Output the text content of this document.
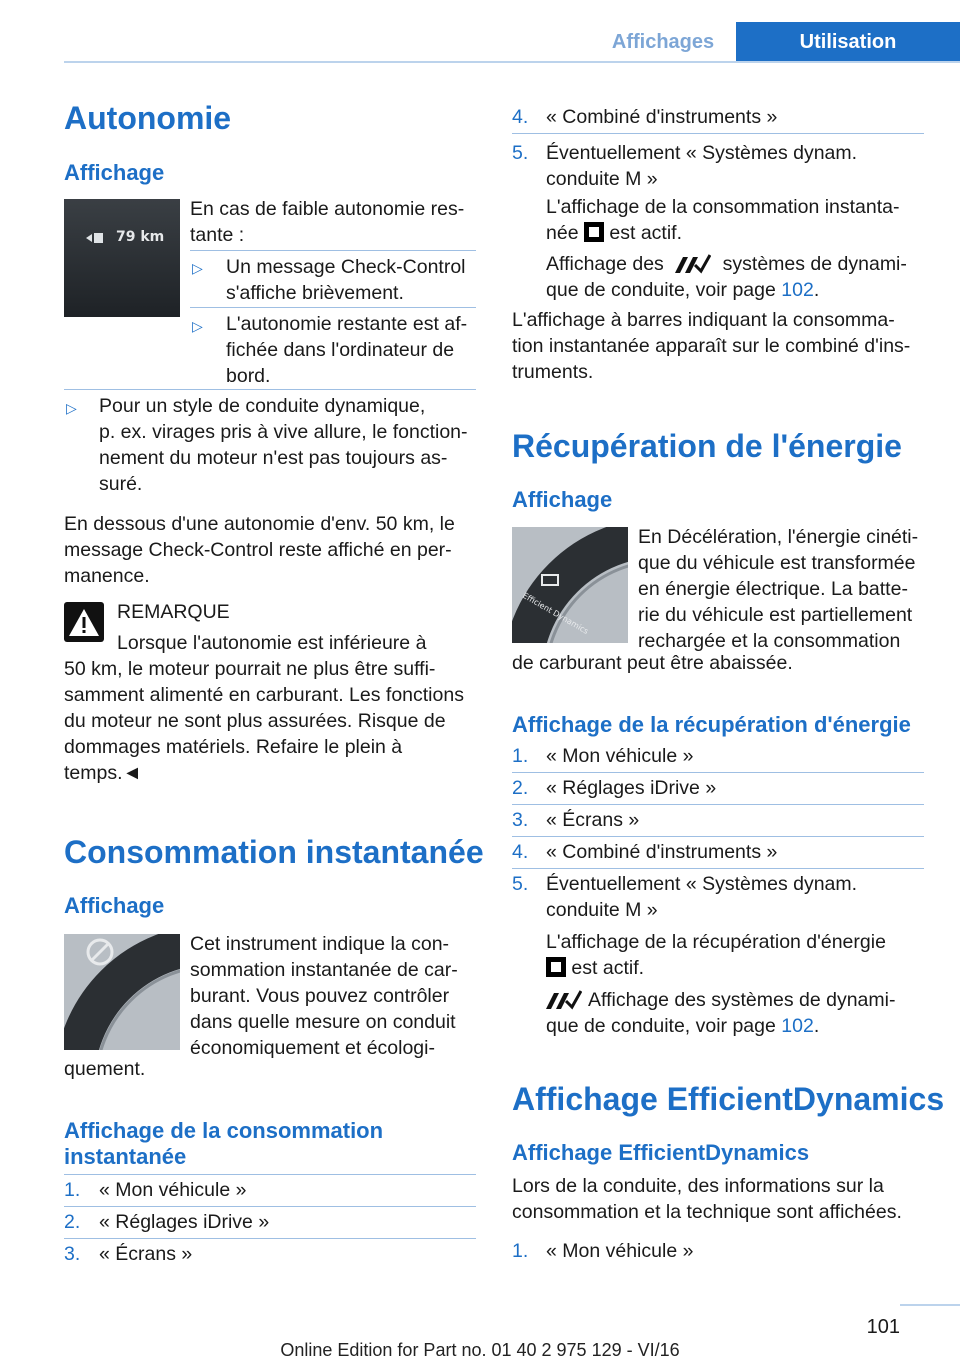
Affichages	Utilisation
Autonomie
Affichage
79 km
En cas de faible autonomie res-
tante :
▷ Un message Check-Control
s'affiche brièvement.
▷ L'autonomie restante est af-
fichée dans l'ordinateur de
bord.
▷ Pour un style de conduite dynamique,
p. ex. virages pris à vive allure, le fonction-
nement du moteur n'est pas toujours as-
suré.
En dessous d'une autonomie d'env. 50 km, le
message Check-Control reste affiché en per-
manence.
REMARQUE
Lorsque l'autonomie est inférieure à
50 km, le moteur pourrait ne plus être suffi-
samment alimenté en carburant. Les fonctions
du moteur ne sont plus assurées. Risque de
dommages matériels. Refaire le plein à
temps.◄
Consommation instantanée
Affichage
Cet instrument indique la con-
sommation instantanée de car-
burant. Vous pouvez contrôler
dans quelle mesure on conduit
économiquement et écologi-
quement.
Affichage de la consommation
instantanée
1. « Mon véhicule »
2. « Réglages iDrive »
3. « Écrans »
4. « Combiné d'instruments »
5. Éventuellement « Systèmes dynam.
conduite M »
L'affichage de la consommation instanta-
née est actif.
Affichage des	systèmes de dynami-
que de conduite, voir page 102.
L'affichage à barres indiquant la consomma-
tion instantanée apparaît sur le combiné d'ins-
truments.
Récupération de l'énergie
Affichage
Efficient Dynamics
En Décélération, l'énergie cinéti-
que du véhicule est transformée
en énergie électrique. La batte-
rie du véhicule est partiellement
rechargée et la consommation
de carburant peut être abaissée.
Affichage de la récupération d'énergie
1. « Mon véhicule »
2. « Réglages iDrive »
3. « Écrans »
4. « Combiné d'instruments »
5. Éventuellement « Systèmes dynam.
conduite M »
L'affichage de la récupération d'énergie
est actif.
Affichage des systèmes de dynami-
que de conduite, voir page 102.
Affichage EfficientDynamics
Affichage EfficientDynamics
Lors de la conduite, des informations sur la
consommation et la technique sont affichées.
1. « Mon véhicule »
101
Online Edition for Part no. 01 40 2 975 129 - VI/16
